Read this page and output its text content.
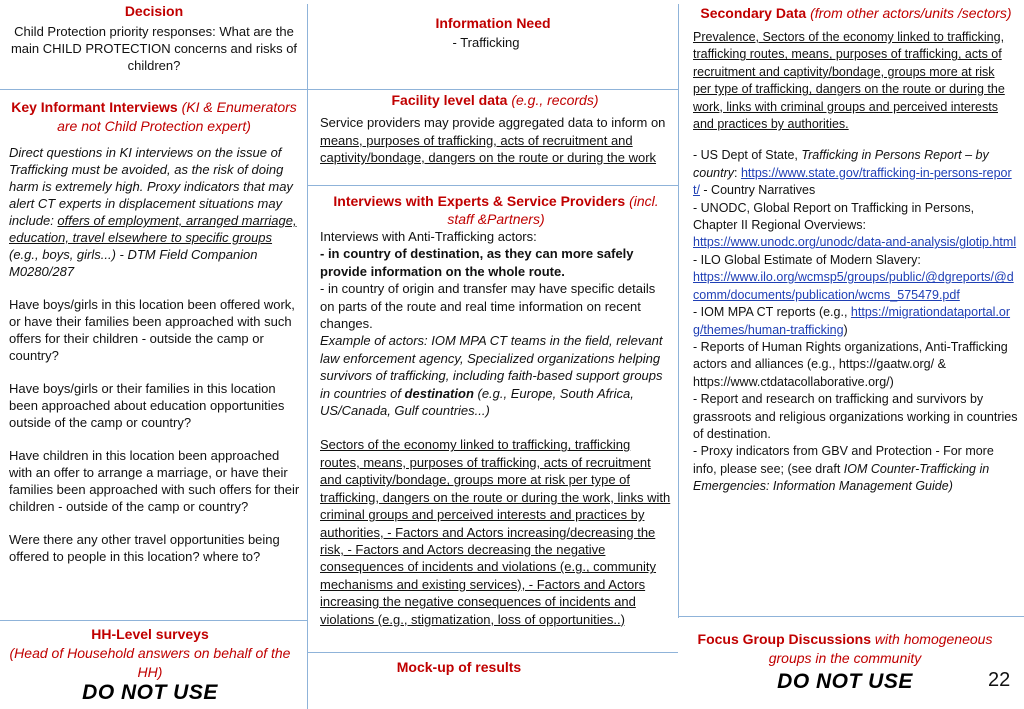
Decision
Child Protection priority responses: What are the main CHILD PROTECTION concerns and risks of children?
Information Need
- Trafficking
Secondary Data (from other actors/units /sectors)
Prevalence, Sectors of the economy linked to trafficking, trafficking routes, means, purposes of trafficking, acts of recruitment and captivity/bondage, groups more at risk per type of trafficking, dangers on the route or during the work, links with criminal groups and perceived interests and practices by authorities.
- US Dept of State, Trafficking in Persons Report – by country: https://www.state.gov/trafficking-in-persons-report/ - Country Narratives
- UNODC, Global Report on Trafficking in Persons, Chapter II Regional Overviews:
https://www.unodc.org/unodc/data-and-analysis/glotip.html
- ILO Global Estimate of Modern Slavery:
https://www.ilo.org/wcmsp5/groups/public/@dgreports/@dcomm/documents/publication/wcms_575479.pdf
- IOM MPA CT reports (e.g., https://migrationdataportal.org/themes/human-trafficking)
- Reports of Human Rights organizations, Anti-Trafficking actors and alliances (e.g., https://gaatw.org/ & https://www.ctdatacollaborative.org/)
- Report and research on trafficking and survivors by grassroots and religious organizations working in countries of destination.
- Proxy indicators from GBV and Protection - For more info, please see; (see draft IOM Counter-Trafficking in Emergencies: Information Management Guide)
Key Informant Interviews (KI & Enumerators are not Child Protection expert)

Direct questions in KI interviews on the issue of Trafficking must be avoided, as the risk of doing harm is extremely high. Proxy indicators that may alert CT experts in displacement situations may include: offers of employment, arranged marriage, education, travel elsewhere to specific groups (e.g., boys, girls...) - DTM Field Companion M0280/287

Have boys/girls in this location been offered work, or have their families been approached with such offers for their children - outside the camp or country?

Have boys/girls or their families in this location been approached about education opportunities outside of the camp or country?

Have children in this location been approached with an offer to arrange a marriage, or have their families been approached with such offers for their children - outside of the camp or country?

Were there any other travel opportunities being offered to people in this location? where to?

Facility level data (e.g., records)
Service providers may provide aggregated data to inform on means, purposes of trafficking, acts of recruitment and captivity/bondage, dangers on the route or during the work
Interviews with Experts & Service Providers (incl. staff &Partners)

Interviews with Anti-Trafficking actors:

- in country of destination, as they can more safely provide information on the whole route.

- in country of origin and transfer may have specific details on parts of the route and real time information on recent changes.

Example of actors: IOM MPA CT teams in the field, relevant law enforcement agency, Specialized organizations helping survivors of trafficking, including faith-based support groups in countries of destination (e.g., Europe, South Africa, US/Canada, Gulf countries...)

Sectors of the economy linked to trafficking, trafficking routes, means, purposes of trafficking, acts of recruitment and captivity/bondage, groups more at risk per type of trafficking, dangers on the route or during the work, links with criminal groups and perceived interests and practices by authorities, - Factors and Actors increasing/decreasing the risk, - Factors and Actors decreasing the negative consequences of incidents and violations (e.g., community mechanisms and existing services), - Factors and Actors increasing the negative consequences of incidents and violations (e.g., stigmatization, loss of opportunities..)

HH-Level surveys
(Head of Household answers on behalf of the HH)
DO NOT USE
Mock-up of results
Focus Group Discussions with homogeneous groups in the community
DO NOT USE	22
